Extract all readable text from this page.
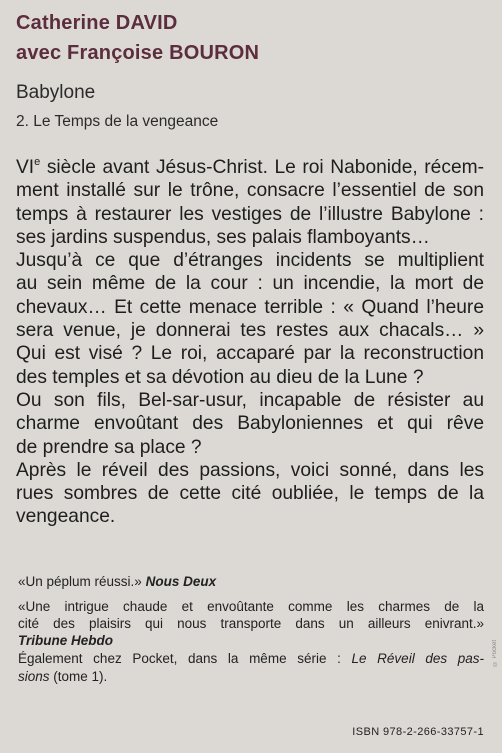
Catherine DAVID
avec Françoise BOURON
Babylone
2. Le Temps de la vengeance
VIe siècle avant Jésus-Christ. Le roi Nabonide, récem-
ment installé sur le trône, consacre l’essentiel de son
temps à restaurer les vestiges de l’illustre Babylone :
ses jardins suspendus, ses palais flamboyants…
Jusqu’à ce que d’étranges incidents se multiplient
au sein même de la cour : un incendie, la mort de
chevaux… Et cette menace terrible : « Quand l’heure
sera venue, je donnerai tes restes aux chacals… »
Qui est visé ? Le roi, accaparé par la reconstruction
des temples et sa dévotion au dieu de la Lune ?
Ou son fils, Bel-sar-usur, incapable de résister au
charme envoûtant des Babyloniennes et qui rêve
de prendre sa place ?
Après le réveil des passions, voici sonné, dans les
rues sombres de cette cité oubliée, le temps de la
vengeance.
«Un péplum réussi.» Nous Deux
«Une intrigue chaude et envoûtante comme les charmes de la
cité des plaisirs qui nous transporte dans un ailleurs enivrant.»
Tribune Hebdo
Également chez Pocket, dans la même série : Le Réveil des pas-
sions (tome 1).
ISBN 978-2-266-33757-1
© Pocket
